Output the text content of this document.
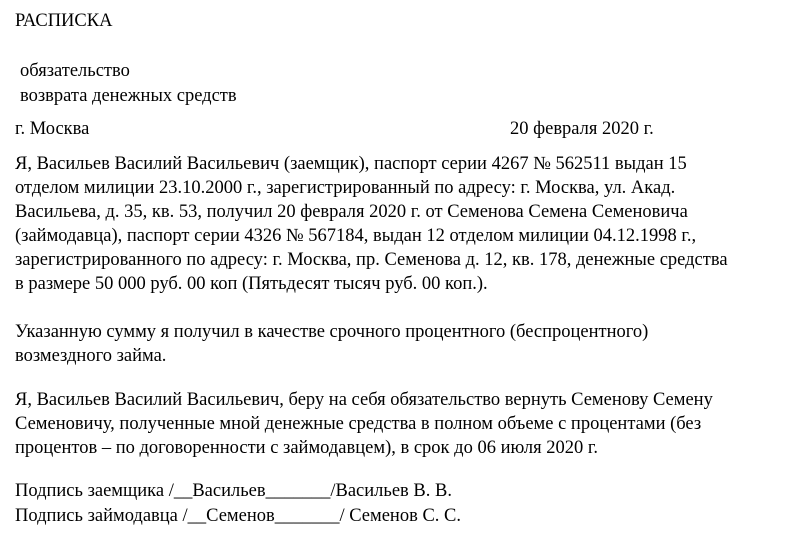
РАСПИСКА
обязательство
возврата денежных средств
г. Москва	20 февраля 2020 г.
Я, Васильев Василий Васильевич (заемщик), паспорт серии 4267 № 562511 выдан 15
отделом милиции 23.10.2000 г., зарегистрированный по адресу: г. Москва, ул. Акад.
Васильева, д. 35, кв. 53, получил 20 февраля 2020 г. от Семенова Семена Семеновича
(займодавца), паспорт серии 4326 № 567184, выдан 12 отделом милиции 04.12.1998 г.,
зарегистрированного по адресу: г. Москва, пр. Семенова д. 12, кв. 178, денежные средства
в размере 50 000 руб. 00 коп (Пятьдесят тысяч руб. 00 коп.).
Указанную сумму я получил в качестве срочного процентного (беспроцентного)
возмездного займа.
Я, Васильев Василий Васильевич, беру на себя обязательство вернуть Семенову Семену
Семеновичу, полученные мной денежные средства в полном объеме с процентами (без
процентов – по договоренности с займодавцем), в срок до 06 июля 2020 г.
Подпись заемщика /__Васильев_______/Васильев В. В.
Подпись займодавца /__Семенов_______/ Семенов С. С.
